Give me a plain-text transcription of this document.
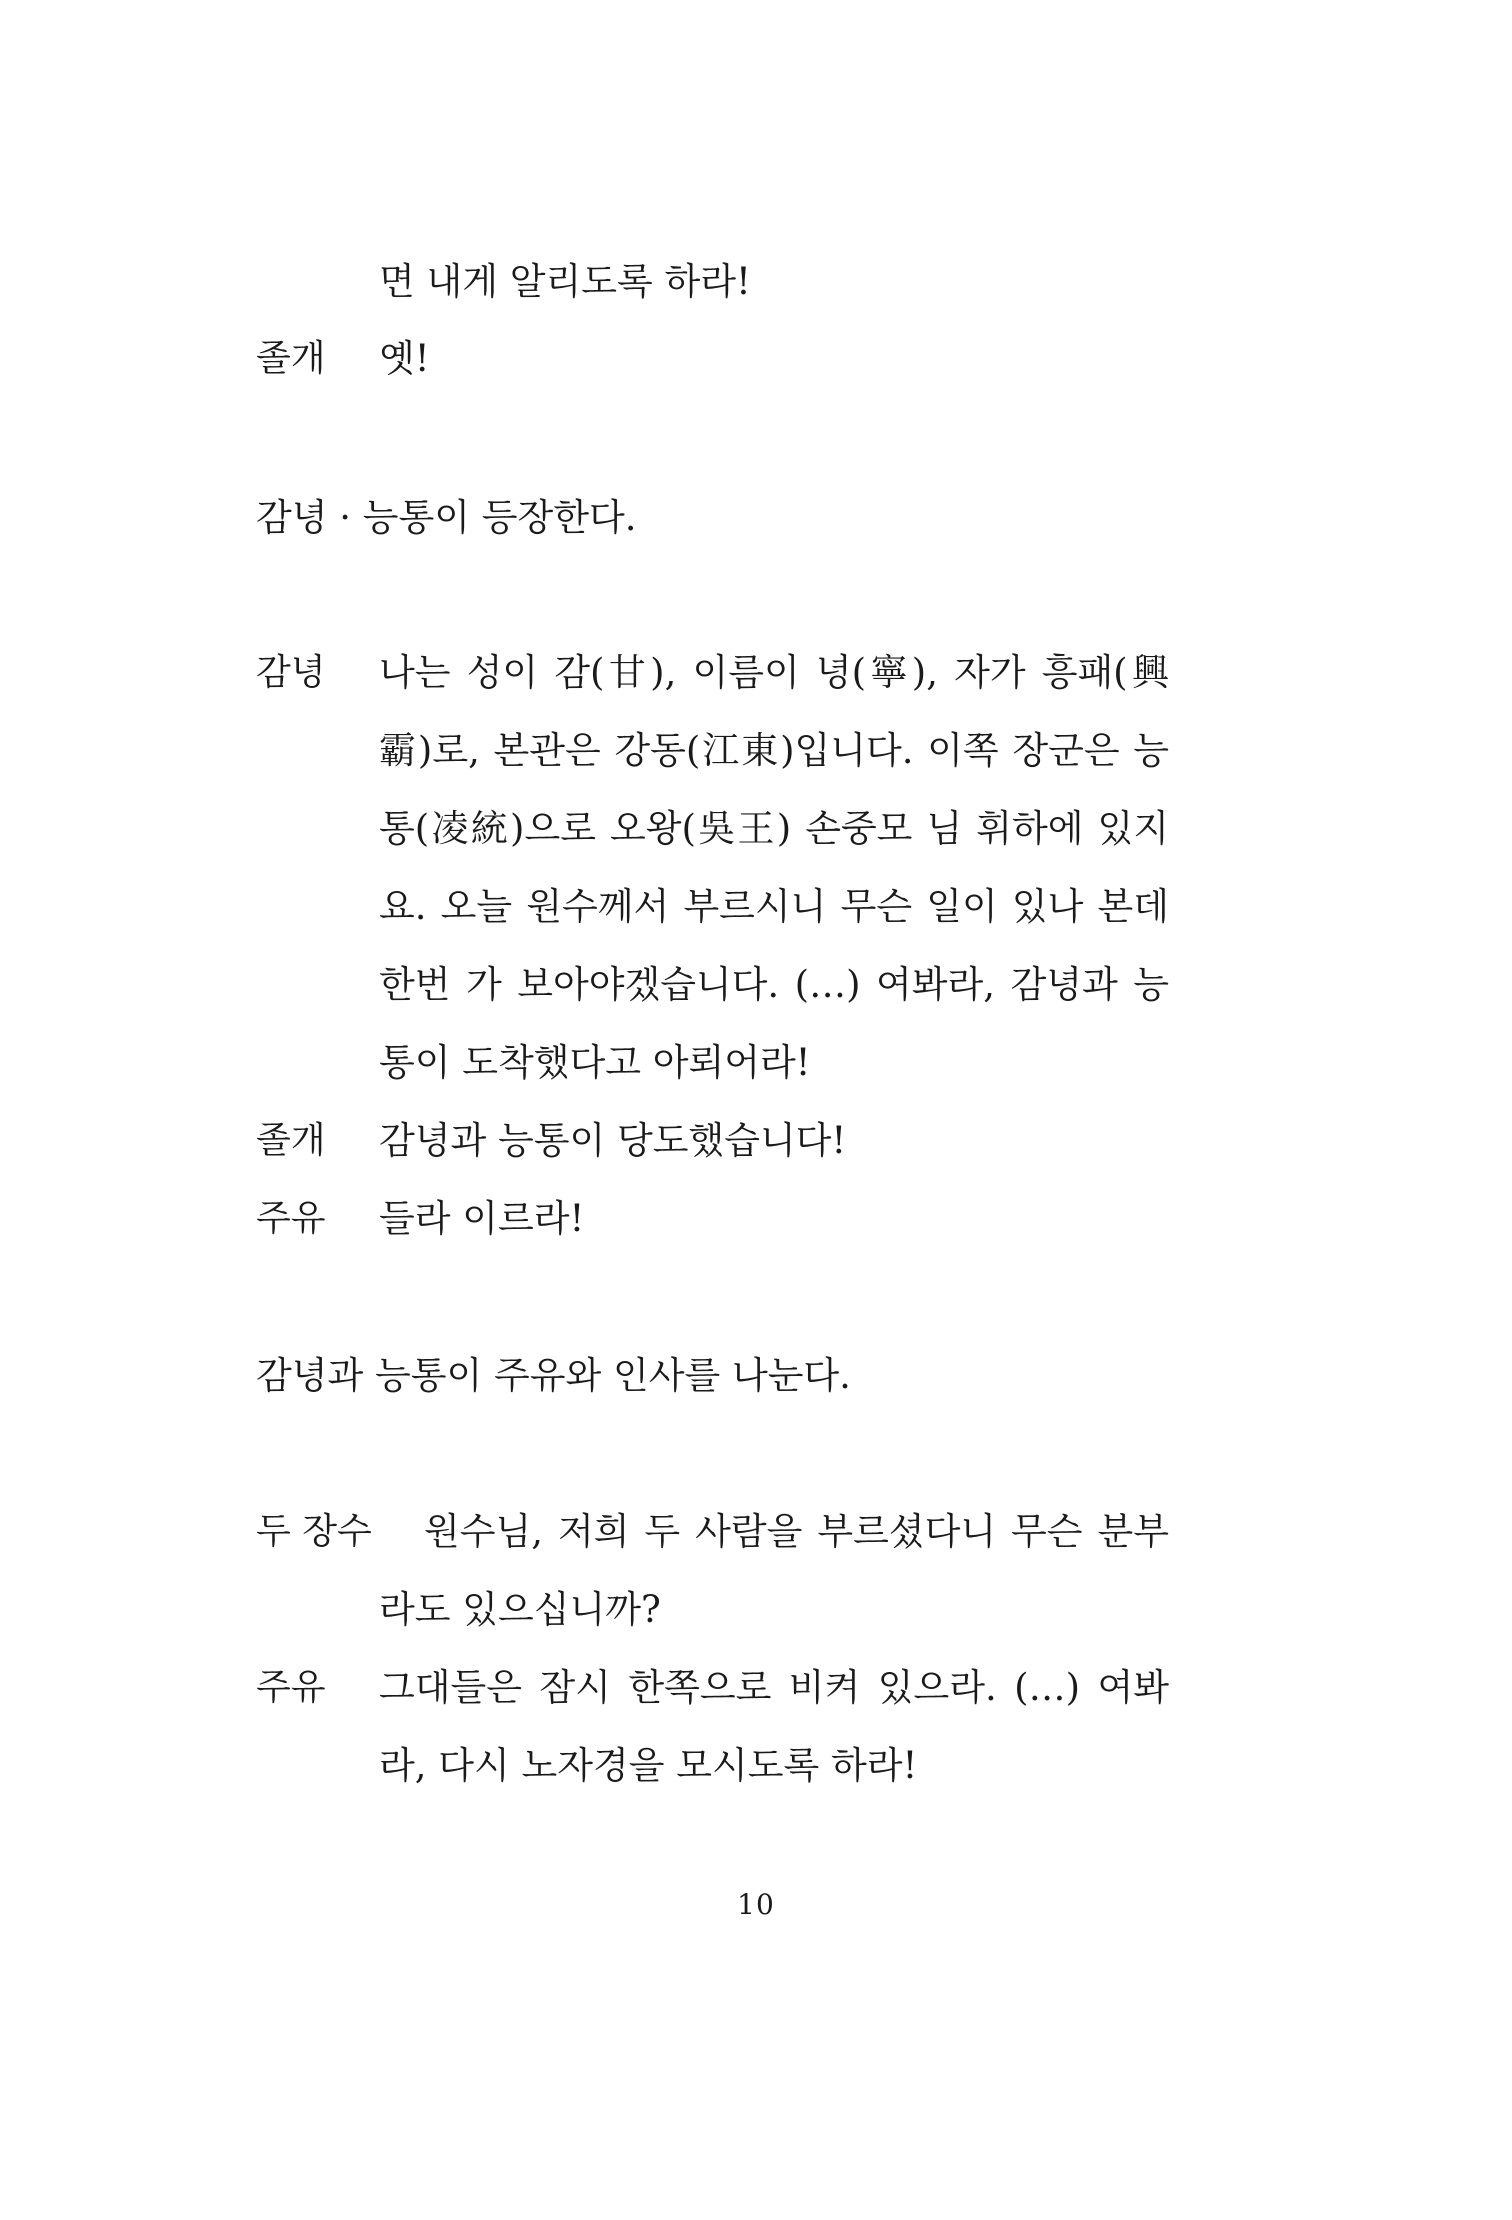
면 내게 알리도록 하라!
졸개 옛!
감녕 · 능통이 등장한다.
감녕 나는 성이 감(甘), 이름이 녕(寧), 자가 흥패(興
霸)로, 본관은 강동(江東)입니다. 이쪽 장군은 능
통(凌統)으로 오왕(吳王) 손중모 님 휘하에 있지
요. 오늘 원수께서 부르시니 무슨 일이 있나 본데
한번 가 보아야겠습니다. (…) 여봐라, 감녕과 능
통이 도착했다고 아뢰어라!
졸개 감녕과 능통이 당도했습니다!
주유 들라 이르라!
감녕과 능통이 주유와 인사를 나눈다.
두 장수 원수님, 저희 두 사람을 부르셨다니 무슨 분부
라도 있으십니까?
주유 그대들은 잠시 한쪽으로 비켜 있으라. (…) 여봐
라, 다시 노자경을 모시도록 하라!
10
